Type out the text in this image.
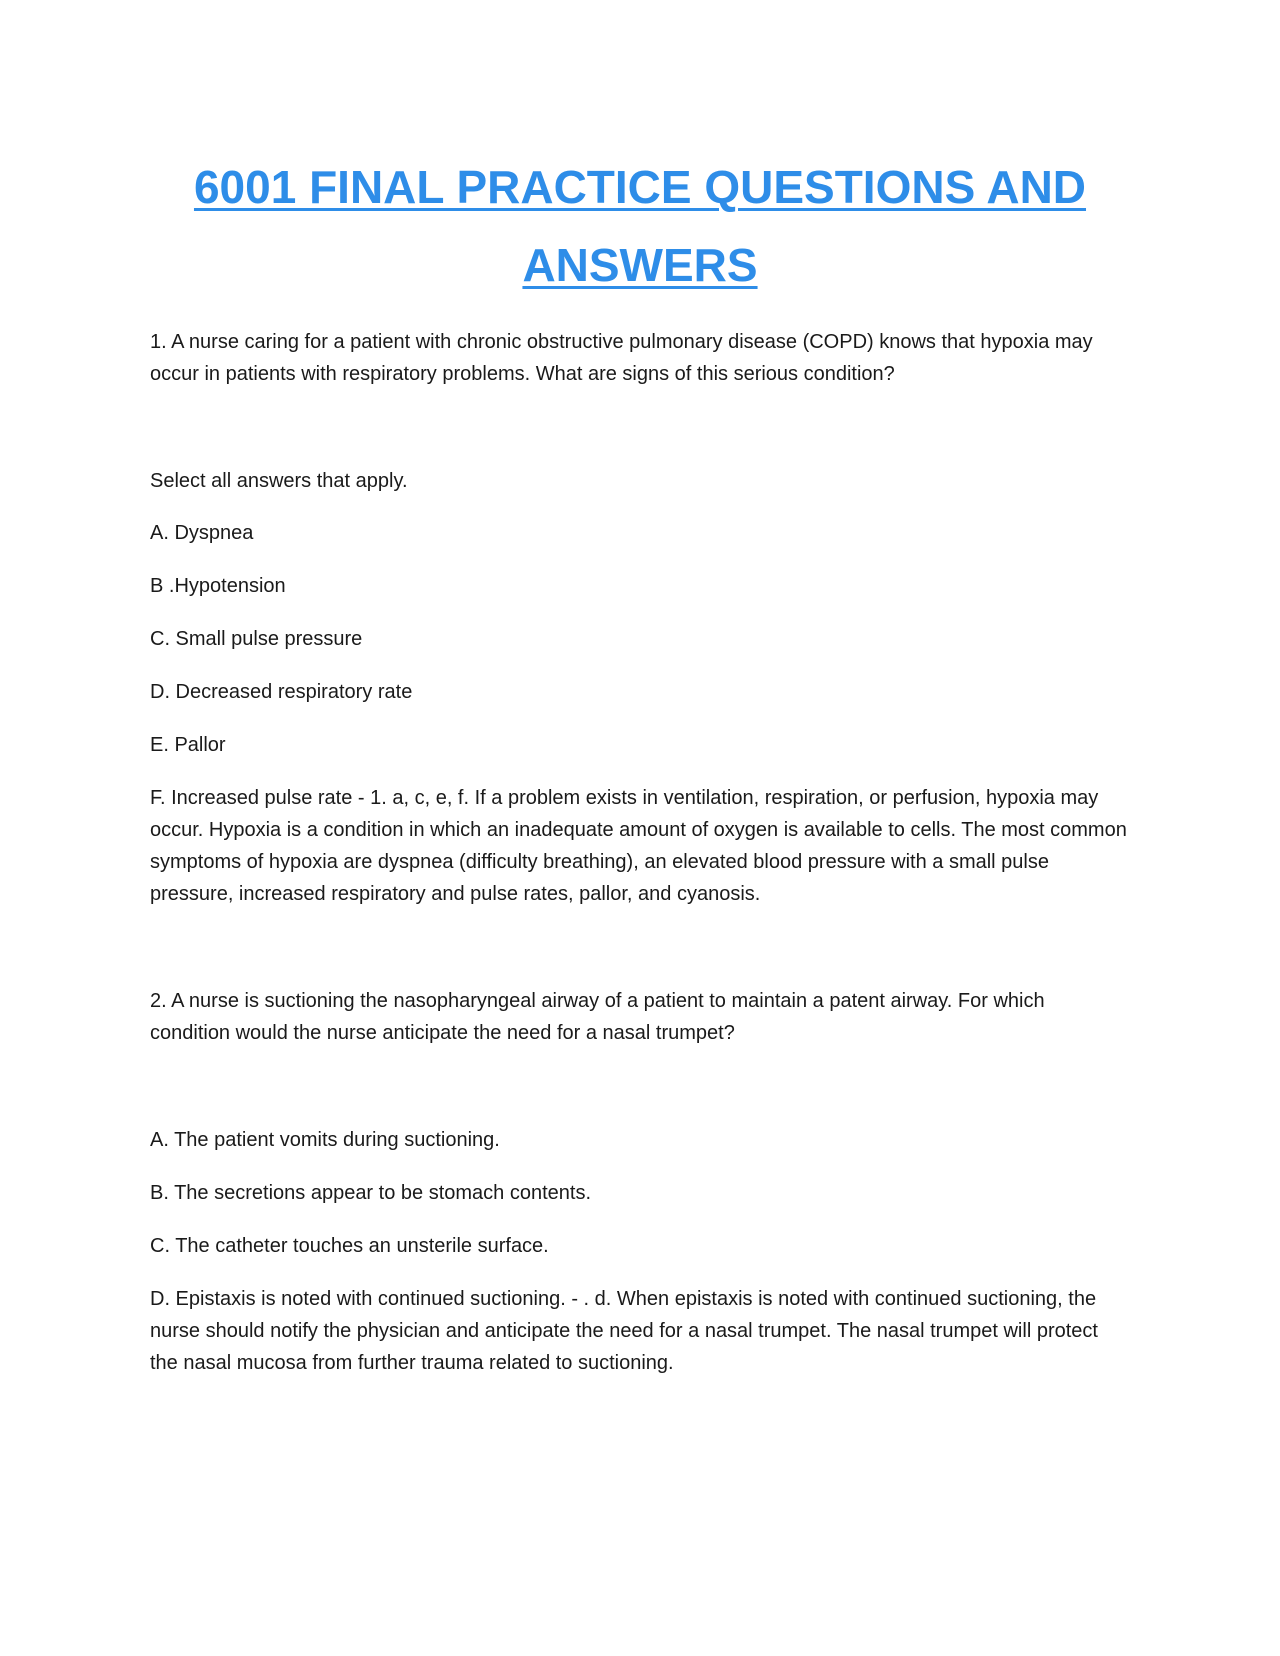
6001 FINAL PRACTICE QUESTIONS AND
ANSWERS

1. A nurse caring for a patient with chronic obstructive pulmonary disease (COPD) knows that hypoxia may occur in patients with respiratory problems. What are signs of this serious condition?

Select all answers that apply.

A. Dyspnea

B .Hypotension

C. Small pulse pressure

D. Decreased respiratory rate

E. Pallor

F. Increased pulse rate - 1. a, c, e, f. If a problem exists in ventilation, respiration, or perfusion, hypoxia may occur. Hypoxia is a condition in which an inadequate amount of oxygen is available to cells. The most common symptoms of hypoxia are dyspnea (difficulty breathing), an elevated blood pressure with a small pulse pressure, increased respiratory and pulse rates, pallor, and cyanosis.

2. A nurse is suctioning the nasopharyngeal airway of a patient to maintain a patent airway. For which condition would the nurse anticipate the need for a nasal trumpet?

A. The patient vomits during suctioning.

B. The secretions appear to be stomach contents.

C. The catheter touches an unsterile surface.

D. Epistaxis is noted with continued suctioning. - . d. When epistaxis is noted with continued suctioning, the nurse should notify the physician and anticipate the need for a nasal trumpet. The nasal trumpet will protect the nasal mucosa from further trauma related to suctioning.
